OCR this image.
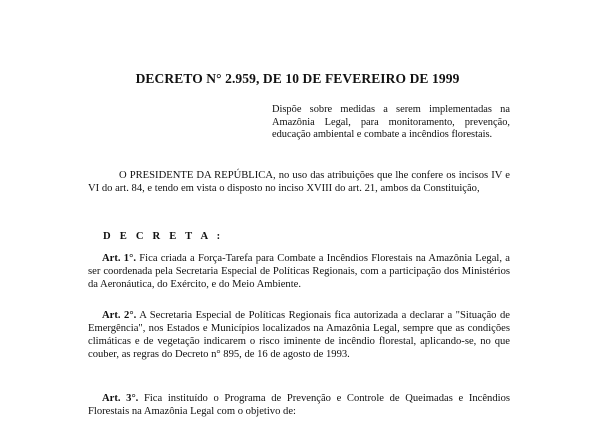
DECRETO N° 2.959, DE 10 DE FEVEREIRO DE 1999
Dispõe sobre medidas a serem implementadas na Amazônia Legal, para monitoramento, prevenção, educação ambiental e combate a incêndios florestais.
O PRESIDENTE DA REPÚBLICA, no uso das atribuições que lhe confere os incisos IV e VI do art. 84, e tendo em vista o disposto no inciso XVIII do art. 21, ambos da Constituição,
D E C R E T A :
Art. 1°. Fica criada a Força-Tarefa para Combate a Incêndios Florestais na Amazônia Legal, a ser coordenada pela Secretaria Especial de Políticas Regionais, com a participação dos Ministérios da Aeronáutica, do Exército, e do Meio Ambiente.
Art. 2°. A Secretaria Especial de Políticas Regionais fica autorizada a declarar a "Situação de Emergência", nos Estados e Municípios localizados na Amazônia Legal, sempre que as condições climáticas e de vegetação indicarem o risco iminente de incêndio florestal, aplicando-se, no que couber, as regras do Decreto n° 895, de 16 de agosto de 1993.
Art. 3°. Fica instituído o Programa de Prevenção e Controle de Queimadas e Incêndios Florestais na Amazônia Legal com o objetivo de:
